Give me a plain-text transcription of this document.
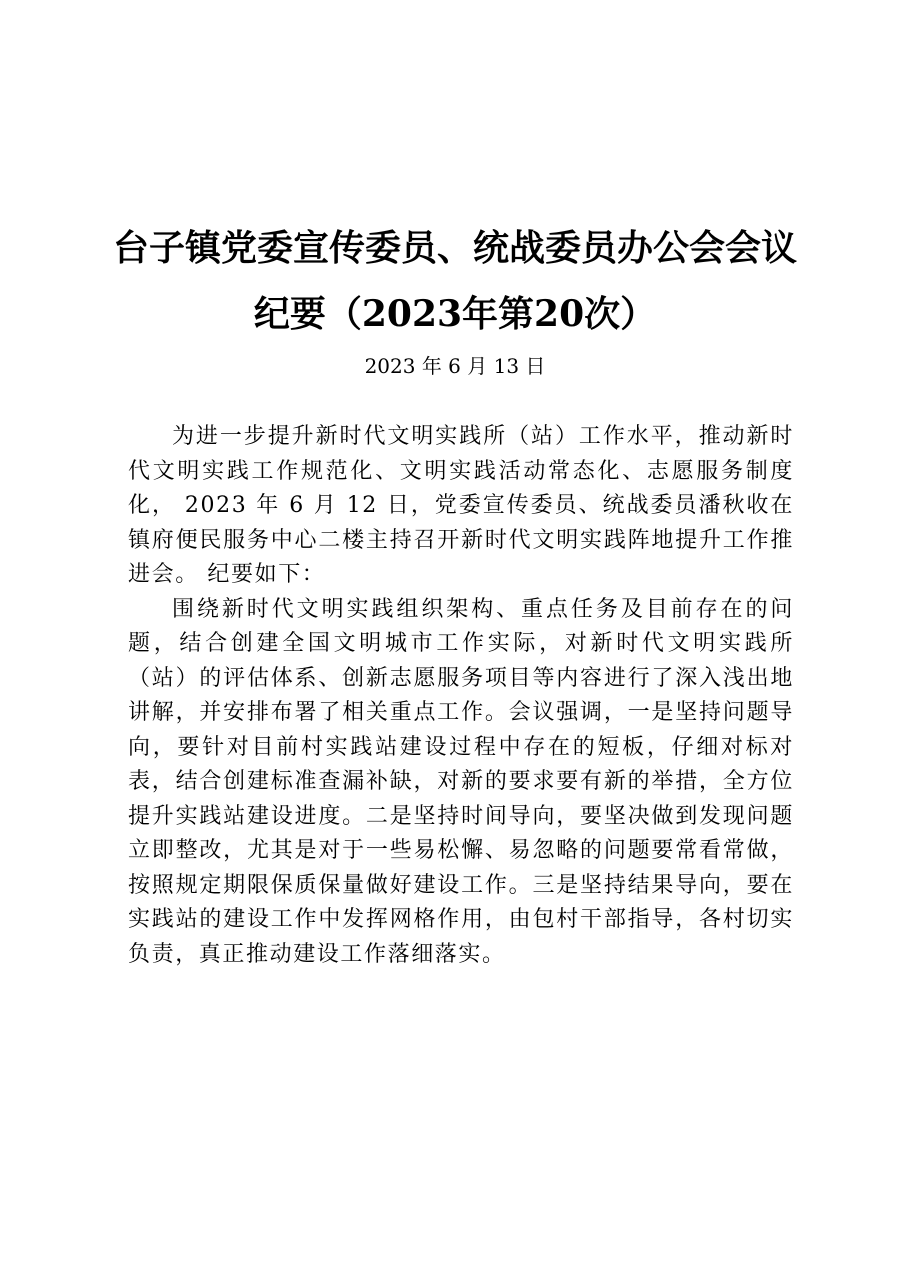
台子镇党委宣传委员、统战委员办公会会议纪要（2023年第20次）
2023 年 6 月 13 日

为进一步提升新时代文明实践所（站）工作水平，推动新时代文明实践工作规范化、文明实践活动常态化、志愿服务制度化， 2023 年 6 月 12 日，党委宣传委员、统战委员潘秋收在镇府便民服务中心二楼主持召开新时代文明实践阵地提升工作推进会。 纪要如下：

围绕新时代文明实践组织架构、重点任务及目前存在的问题，结合创建全国文明城市工作实际，对新时代文明实践所（站）的评估体系、创新志愿服务项目等内容进行了深入浅出地讲解，并安排布署了相关重点工作。会议强调，一是坚持问题导向，要针对目前村实践站建设过程中存在的短板，仔细对标对表，结合创建标准查漏补缺，对新的要求要有新的举措，全方位提升实践站建设进度。二是坚持时间导向，要坚决做到发现问题立即整改，尤其是对于一些易松懈、易忽略的问题要常看常做，按照规定期限保质保量做好建设工作。三是坚持结果导向，要在实践站的建设工作中发挥网格作用，由包村干部指导，各村切实负责，真正推动建设工作落细落实。
